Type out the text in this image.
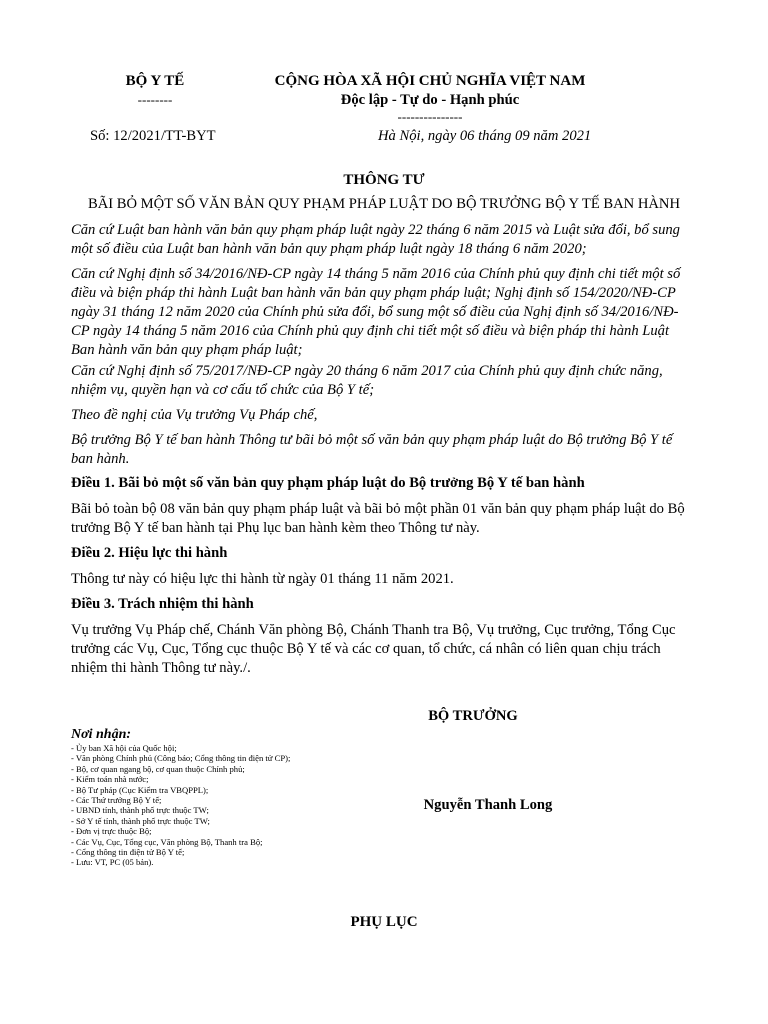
BỘ Y TẾ
--------
CỘNG HÒA XÃ HỘI CHỦ NGHĨA VIỆT NAM
Độc lập - Tự do - Hạnh phúc
---------------
Số: 12/2021/TT-BYT	Hà Nội, ngày 06 tháng 09 năm 2021
THÔNG TƯ
BÃI BỎ MỘT SỐ VĂN BẢN QUY PHẠM PHÁP LUẬT DO BỘ TRƯỞNG BỘ Y TẾ BAN HÀNH

Căn cứ Luật ban hành văn bản quy phạm pháp luật ngày 22 tháng 6 năm 2015 và Luật sửa đổi, bổ sung một số điều của Luật ban hành văn bản quy phạm pháp luật ngày 18 tháng 6 năm 2020;

Căn cứ Nghị định số 34/2016/NĐ-CP ngày 14 tháng 5 năm 2016 của Chính phủ quy định chi tiết một số điều và biện pháp thi hành Luật ban hành văn bản quy phạm pháp luật; Nghị định số 154/2020/NĐ-CP ngày 31 tháng 12 năm 2020 của Chính phủ sửa đổi, bổ sung một số điều của Nghị định số 34/2016/NĐ-CP ngày 14 tháng 5 năm 2016 của Chính phủ quy định chi tiết một số điều và biện pháp thi hành Luật Ban hành văn bản quy phạm pháp luật;

Căn cứ Nghị định số 75/2017/NĐ-CP ngày 20 tháng 6 năm 2017 của Chính phủ quy định chức năng, nhiệm vụ, quyền hạn và cơ cấu tổ chức của Bộ Y tế;

Theo đề nghị của Vụ trưởng Vụ Pháp chế,

Bộ trưởng Bộ Y tế ban hành Thông tư bãi bỏ một số văn bản quy phạm pháp luật do Bộ trưởng Bộ Y tế ban hành.

Điều 1. Bãi bỏ một số văn bản quy phạm pháp luật do Bộ trưởng Bộ Y tế ban hành

Bãi bỏ toàn bộ 08 văn bản quy phạm pháp luật và bãi bỏ một phần 01 văn bản quy phạm pháp luật do Bộ trưởng Bộ Y tế ban hành tại Phụ lục ban hành kèm theo Thông tư này.

Điều 2. Hiệu lực thi hành

Thông tư này có hiệu lực thi hành từ ngày 01 tháng 11 năm 2021.

Điều 3. Trách nhiệm thi hành

Vụ trưởng Vụ Pháp chế, Chánh Văn phòng Bộ, Chánh Thanh tra Bộ, Vụ trưởng, Cục trưởng, Tổng Cục trưởng các Vụ, Cục, Tổng cục thuộc Bộ Y tế và các cơ quan, tổ chức, cá nhân có liên quan chịu trách nhiệm thi hành Thông tư này./.

Nơi nhận:
- Ủy ban Xã hội của Quốc hội;
- Văn phòng Chính phủ (Công báo; Cổng thông tin điện tử CP);
- Bộ, cơ quan ngang bộ, cơ quan thuộc Chính phủ;
- Kiểm toán nhà nước;
- Bộ Tư pháp (Cục Kiểm tra VBQPPL);
- Các Thứ trưởng Bộ Y tế;
- UBND tỉnh, thành phố trực thuộc TW;
- Sở Y tế tỉnh, thành phố trực thuộc TW;
- Đơn vị trực thuộc Bộ;
- Các Vụ, Cục, Tổng cục, Văn phòng Bộ, Thanh tra Bộ;
- Cổng thông tin điện tử Bộ Y tế;
- Lưu: VT, PC (05 bản).
BỘ TRƯỞNG
Nguyễn Thanh Long
PHỤ LỤC
